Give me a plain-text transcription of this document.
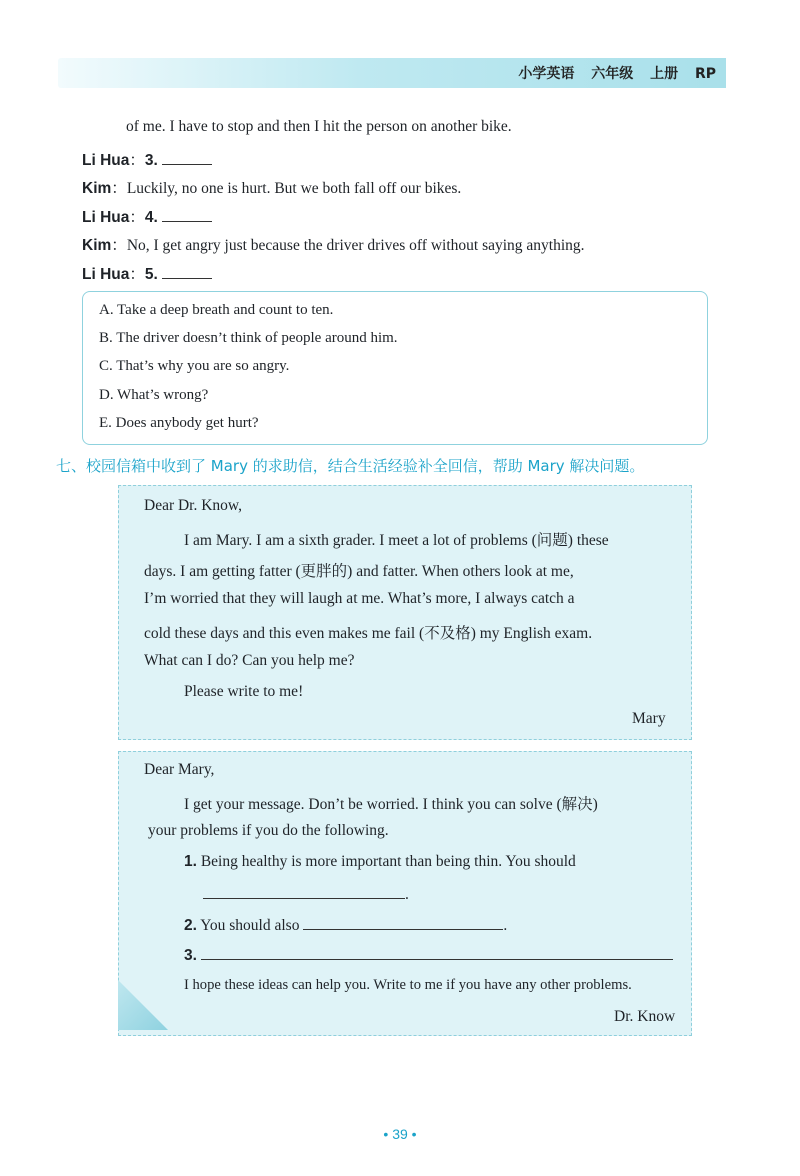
小学英语 六年级 上册 RP
of me. I have to stop and then I hit the person on another bike.
Li Hua：3.
Kim：Luckily, no one is hurt. But we both fall off our bikes.
Li Hua：4.
Kim：No, I get angry just because the driver drives off without saying anything.
Li Hua：5.
A. Take a deep breath and count to ten.
B. The driver doesn’t think of people around him.
C. That’s why you are so angry.
D. What’s wrong?
E. Does anybody get hurt?
七、校园信箱中收到了 Mary 的求助信，结合生活经验补全回信，帮助 Mary 解决问题。
Dear Dr. Know,
I am Mary. I am a sixth grader. I meet a lot of problems (问题) these
days. I am getting fatter (更胖的) and fatter. When others look at me,
I’m worried that they will laugh at me. What’s more, I always catch a
cold these days and this even makes me fail (不及格) my English exam.
What can I do? Can you help me?
Please write to me!
Mary
Dear Mary,
I get your message. Don’t be worried. I think you can solve (解决)
your problems if you do the following.
1. Being healthy is more important than being thin. You should
.
2. You should also	.
3.
I hope these ideas can help you. Write to me if you have any other problems.
Dr. Know
• 39 •
